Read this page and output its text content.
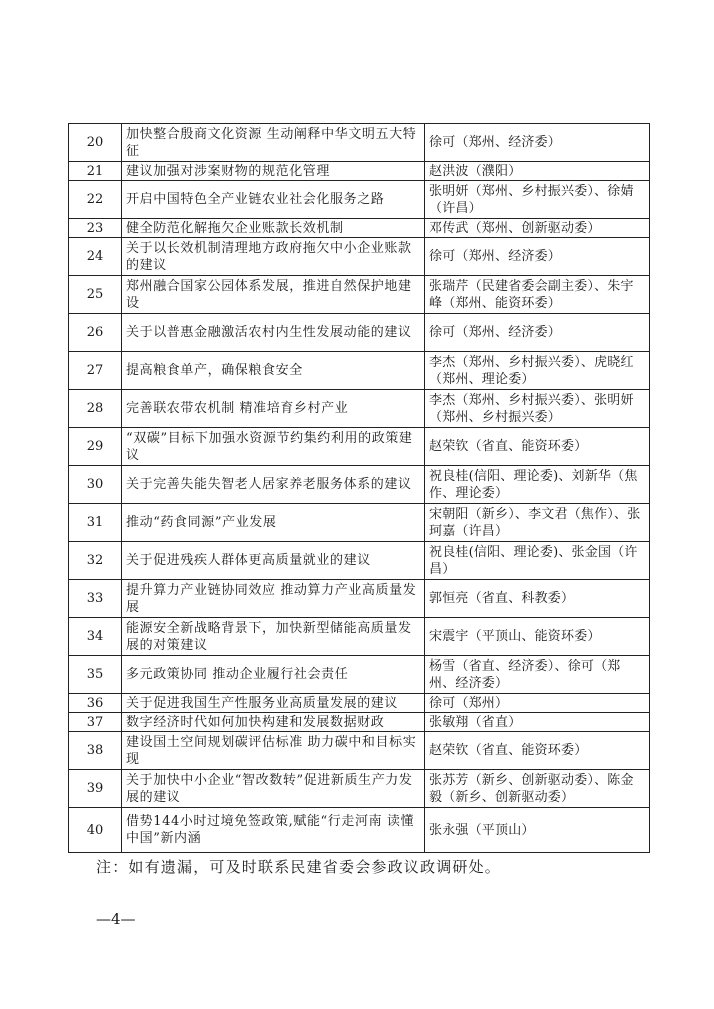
20	加快整合殷商文化资源 生动阐释中华文明五大特征	徐可（郑州、经济委）
21	建议加强对涉案财物的规范化管理	赵洪波（濮阳）
22	开启中国特色全产业链农业社会化服务之路	张明妍（郑州、乡村振兴委）、徐婧（许昌）
23	健全防范化解拖欠企业账款长效机制	邓传武（郑州、创新驱动委）
24	关于以长效机制清理地方政府拖欠中小企业账款的建议	徐可（郑州、经济委）
25	郑州融合国家公园体系发展，推进自然保护地建设	张瑞芹（民建省委会副主委）、朱宇峰（郑州、能资环委）
26	关于以普惠金融激活农村内生性发展动能的建议	徐可（郑州、经济委）
27	提高粮食单产，确保粮食安全	李杰（郑州、乡村振兴委）、虎晓红（郑州、理论委）
28	完善联农带农机制 精准培育乡村产业	李杰（郑州、乡村振兴委）、张明妍（郑州、乡村振兴委）
29	“双碳”目标下加强水资源节约集约利用的政策建议	赵荣钦（省直、能资环委）
30	关于完善失能失智老人居家养老服务体系的建议	祝良桂(信阳、理论委)、刘新华（焦作、理论委）
31	推动“药食同源”产业发展	宋朝阳（新乡）、李文君（焦作）、张珂嘉（许昌）
32	关于促进残疾人群体更高质量就业的建议	祝良桂(信阳、理论委)、张金国（许昌）
33	提升算力产业链协同效应 推动算力产业高质量发展	郭恒亮（省直、科教委）
34	能源安全新战略背景下，加快新型储能高质量发展的对策建议	宋震宇（平顶山、能资环委）
35	多元政策协同 推动企业履行社会责任	杨雪（省直、经济委）、徐可（郑州、经济委）
36	关于促进我国生产性服务业高质量发展的建议	徐可（郑州）
37	数字经济时代如何加快构建和发展数据财政	张敏翔（省直）
38	建设国土空间规划碳评估标准 助力碳中和目标实现	赵荣钦（省直、能资环委）
39	关于加快中小企业“智改数转”促进新质生产力发展的建议	张苏芳（新乡、创新驱动委）、陈金毅（新乡、创新驱动委）
40	借势144小时过境免签政策,赋能“行走河南 读懂中国”新内涵	张永强（平顶山）
注：如有遗漏，可及时联系民建省委会参政议政调研处。
—4—
